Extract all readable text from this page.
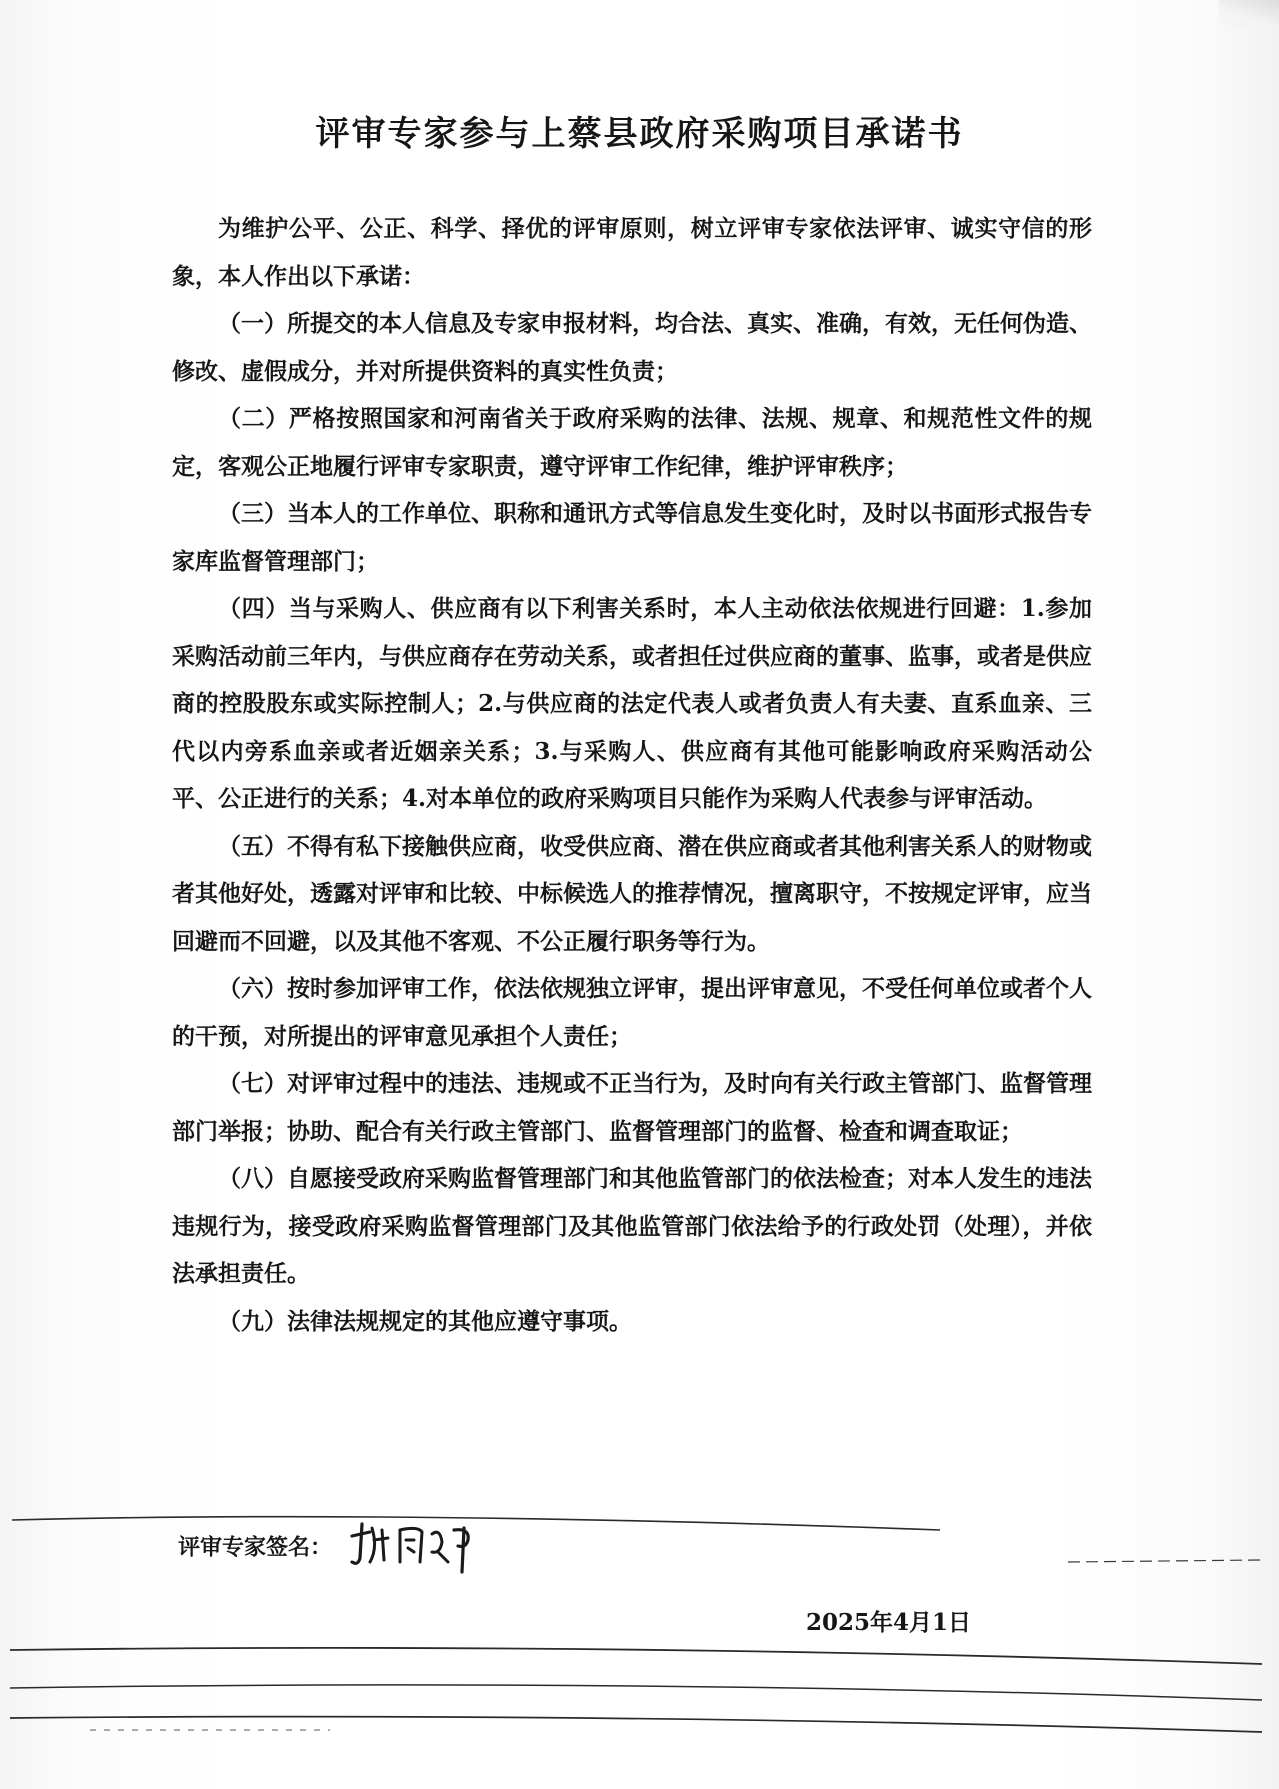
评审专家参与上蔡县政府采购项目承诺书

为维护公平、公正、科学、择优的评审原则，树立评审专家依法评审、诚实守信的形象，本人作出以下承诺：

（一）所提交的本人信息及专家申报材料，均合法、真实、准确，有效，无任何伪造、修改、虚假成分，并对所提供资料的真实性负责；

（二）严格按照国家和河南省关于政府采购的法律、法规、规章、和规范性文件的规定，客观公正地履行评审专家职责，遵守评审工作纪律，维护评审秩序；

（三）当本人的工作单位、职称和通讯方式等信息发生变化时，及时以书面形式报告专家库监督管理部门；

（四）当与采购人、供应商有以下利害关系时，本人主动依法依规进行回避：1.参加采购活动前三年内，与供应商存在劳动关系，或者担任过供应商的董事、监事，或者是供应商的控股股东或实际控制人；2.与供应商的法定代表人或者负责人有夫妻、直系血亲、三代以内旁系血亲或者近姻亲关系；3.与采购人、供应商有其他可能影响政府采购活动公平、公正进行的关系；4.对本单位的政府采购项目只能作为采购人代表参与评审活动。

（五）不得有私下接触供应商，收受供应商、潜在供应商或者其他利害关系人的财物或者其他好处，透露对评审和比较、中标候选人的推荐情况，擅离职守，不按规定评审，应当回避而不回避，以及其他不客观、不公正履行职务等行为。

（六）按时参加评审工作，依法依规独立评审，提出评审意见，不受任何单位或者个人的干预，对所提出的评审意见承担个人责任；

（七）对评审过程中的违法、违规或不正当行为，及时向有关行政主管部门、监督管理部门举报；协助、配合有关行政主管部门、监督管理部门的监督、检查和调查取证；

（八）自愿接受政府采购监督管理部门和其他监管部门的依法检查；对本人发生的违法违规行为，接受政府采购监督管理部门及其他监管部门依法给予的行政处罚（处理），并依法承担责任。

（九）法律法规规定的其他应遵守事项。

评审专家签名：
2025年4月1日
